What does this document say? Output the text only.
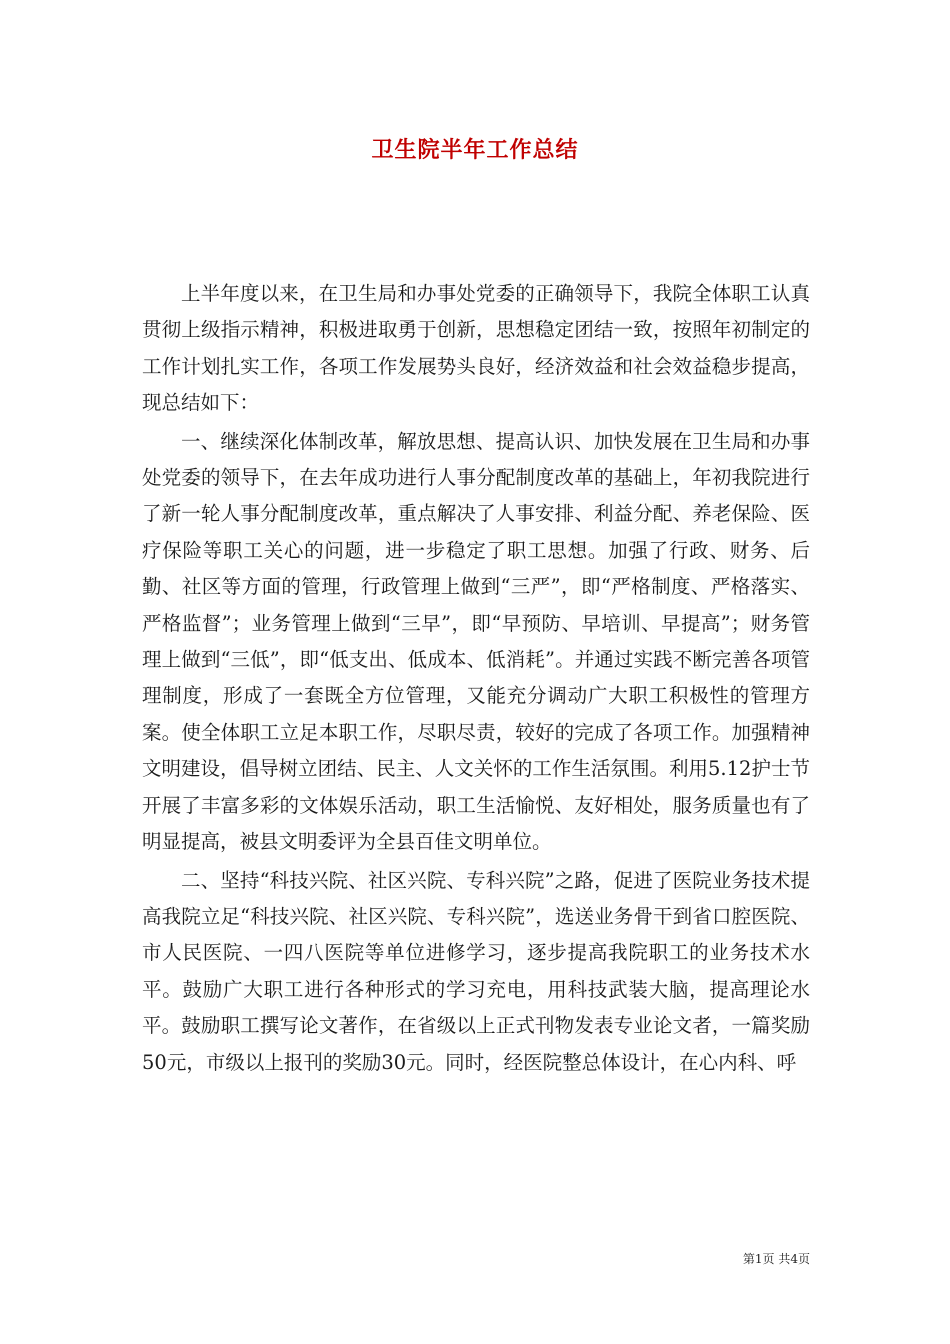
卫生院半年工作总结

上半年度以来，在卫生局和办事处党委的正确领导下，我院全体职工认真贯彻上级指示精神，积极进取勇于创新，思想稳定团结一致，按照年初制定的工作计划扎实工作，各项工作发展势头良好，经济效益和社会效益稳步提高，现总结如下：

一、继续深化体制改革，解放思想、提高认识、加快发展在卫生局和办事处党委的领导下，在去年成功进行人事分配制度改革的基础上，年初我院进行了新一轮人事分配制度改革，重点解决了人事安排、利益分配、养老保险、医疗保险等职工关心的问题，进一步稳定了职工思想。加强了行政、财务、后勤、社区等方面的管理，行政管理上做到“三严”，即“严格制度、严格落实、严格监督”；业务管理上做到“三早”，即“早预防、早培训、早提高”；财务管理上做到“三低”，即“低支出、低成本、低消耗”。并通过实践不断完善各项管理制度，形成了一套既全方位管理，又能充分调动广大职工积极性的管理方案。使全体职工立足本职工作，尽职尽责，较好的完成了各项工作。加强精神文明建设，倡导树立团结、民主、人文关怀的工作生活氛围。利用5.12护士节开展了丰富多彩的文体娱乐活动，职工生活愉悦、友好相处，服务质量也有了明显提高，被县文明委评为全县百佳文明单位。

二、坚持“科技兴院、社区兴院、专科兴院”之路，促进了医院业务技术提高我院立足“科技兴院、社区兴院、专科兴院”，选送业务骨干到省口腔医院、市人民医院、一四八医院等单位进修学习，逐步提高我院职工的业务技术水平。鼓励广大职工进行各种形式的学习充电，用科技武装大脑，提高理论水平。鼓励职工撰写论文著作，在省级以上正式刊物发表专业论文者，一篇奖励50元，市级以上报刊的奖励30元。同时，经医院整总体设计，在心内科、呼

第1页 共4页
